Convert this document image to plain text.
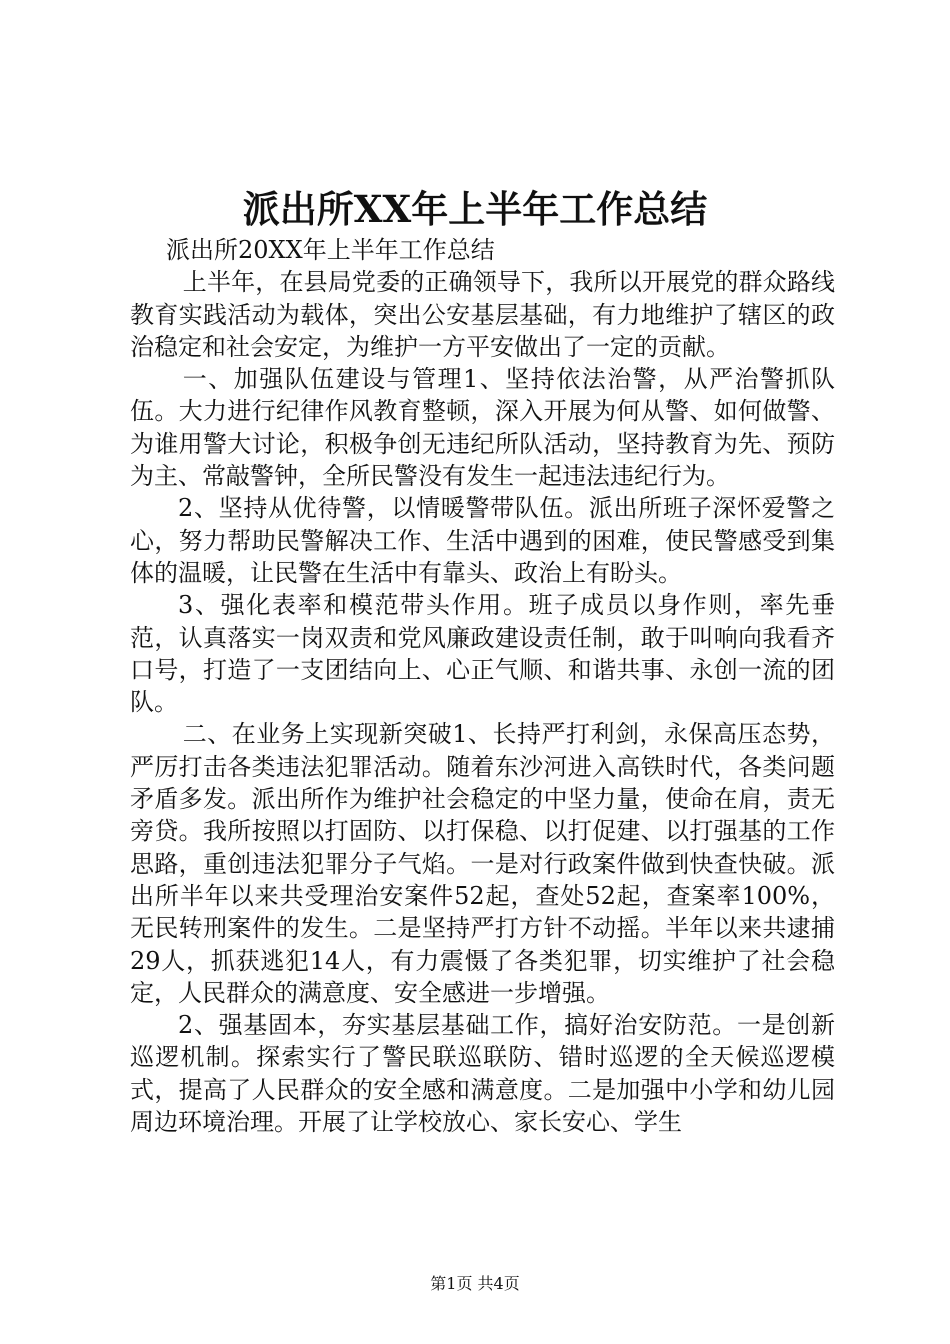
派出所XX年上半年工作总结

派出所20XX年上半年工作总结

上半年，在县局党委的正确领导下，我所以开展党的群众路线教育实践活动为载体，突出公安基层基础，有力地维护了辖区的政治稳定和社会安定，为维护一方平安做出了一定的贡献。

一、加强队伍建设与管理1、坚持依法治警，从严治警抓队伍。大力进行纪律作风教育整顿，深入开展为何从警、如何做警、为谁用警大讨论，积极争创无违纪所队活动，坚持教育为先、预防为主、常敲警钟，全所民警没有发生一起违法违纪行为。

2、坚持从优待警，以情暖警带队伍。派出所班子深怀爱警之心，努力帮助民警解决工作、生活中遇到的困难，使民警感受到集体的温暖，让民警在生活中有靠头、政治上有盼头。

3、强化表率和模范带头作用。班子成员以身作则，率先垂范，认真落实一岗双责和党风廉政建设责任制，敢于叫响向我看齐口号，打造了一支团结向上、心正气顺、和谐共事、永创一流的团队。

二、在业务上实现新突破1、长持严打利剑，永保高压态势，严厉打击各类违法犯罪活动。随着东沙河进入高铁时代，各类问题矛盾多发。派出所作为维护社会稳定的中坚力量，使命在肩，责无旁贷。我所按照以打固防、以打保稳、以打促建、以打强基的工作思路，重创违法犯罪分子气焰。一是对行政案件做到快查快破。派出所半年以来共受理治安案件52起，查处52起，查案率100%，无民转刑案件的发生。二是坚持严打方针不动摇。半年以来共逮捕29人，抓获逃犯14人，有力震慑了各类犯罪，切实维护了社会稳定，人民群众的满意度、安全感进一步增强。

2、强基固本，夯实基层基础工作，搞好治安防范。一是创新巡逻机制。探索实行了警民联巡联防、错时巡逻的全天候巡逻模式，提高了人民群众的安全感和满意度。二是加强中小学和幼儿园周边环境治理。开展了让学校放心、家长安心、学生

第1页 共4页
